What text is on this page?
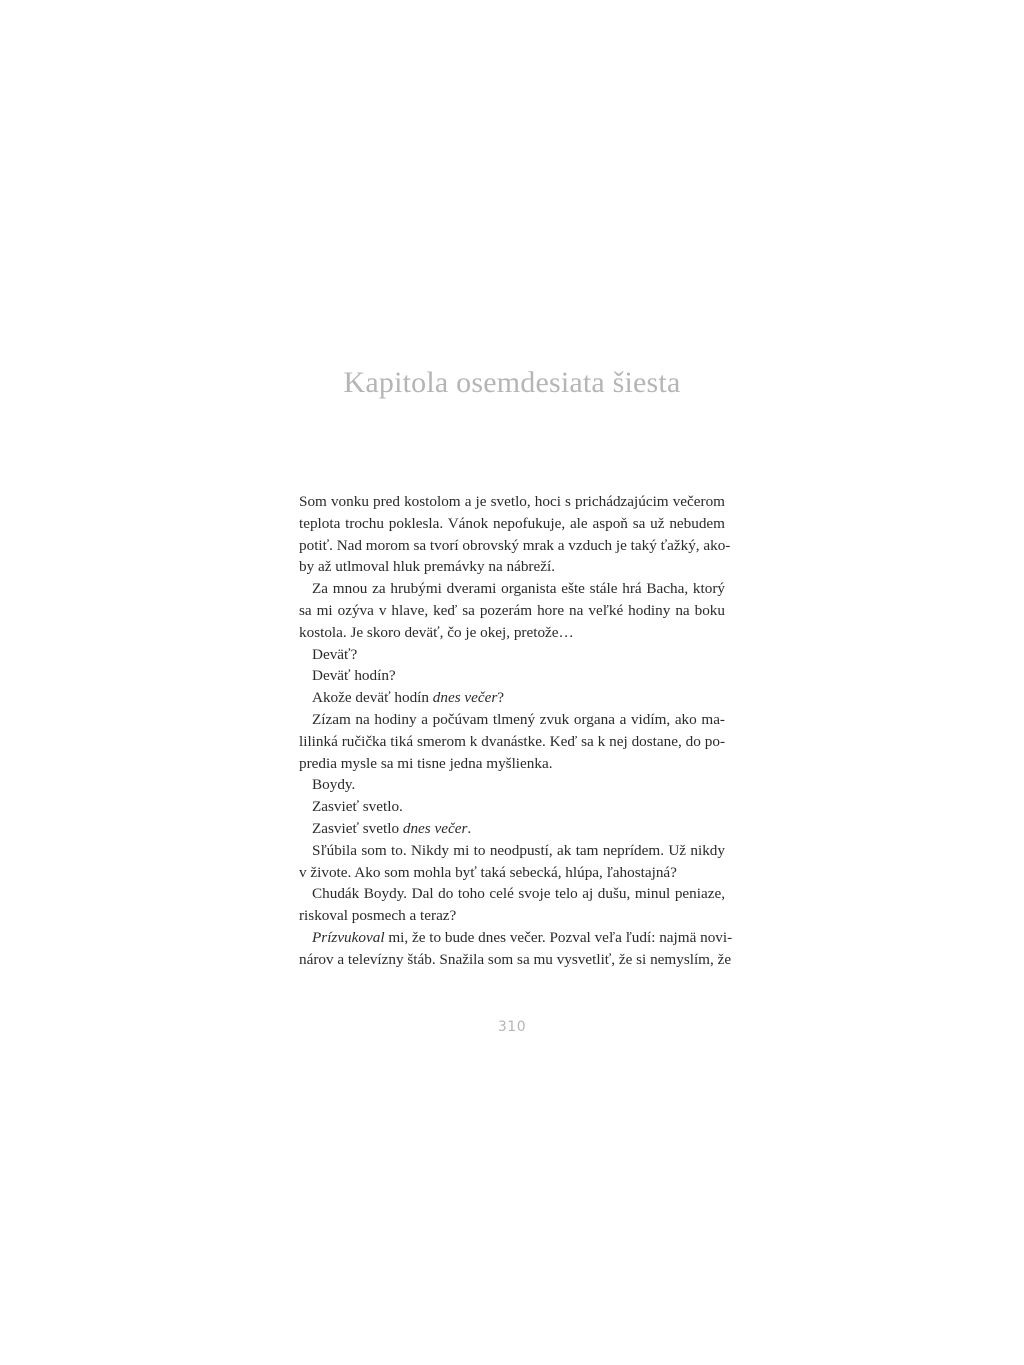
Kapitola osemdesiata šiesta
Som vonku pred kostolom a je svetlo, hoci s prichádzajúcim večerom
teplota trochu poklesla. Vánok nepofukuje, ale aspoň sa už nebudem
potiť. Nad morom sa tvorí obrovský mrak a vzduch je taký ťažký, ako-
by až utlmoval hluk premávky na nábreží.
Za mnou za hrubými dverami organista ešte stále hrá Bacha, ktorý
sa mi ozýva v hlave, keď sa pozerám hore na veľké hodiny na boku
kostola. Je skoro deväť, čo je okej, pretože…
Deväť?
Deväť hodín?
Akože deväť hodín dnes večer?
Zízam na hodiny a počúvam tlmený zvuk organa a vidím, ako ma-
lilinká ručička tiká smerom k dvanástke. Keď sa k nej dostane, do po-
predia mysle sa mi tisne jedna myšlienka.
Boydy.
Zasvieť svetlo.
Zasvieť svetlo dnes večer.
Sľúbila som to. Nikdy mi to neodpustí, ak tam neprídem. Už nikdy
v živote. Ako som mohla byť taká sebecká, hlúpa, ľahostajná?
Chudák Boydy. Dal do toho celé svoje telo aj dušu, minul peniaze,
riskoval posmech a teraz?
Prízvukoval mi, že to bude dnes večer. Pozval veľa ľudí: najmä novi-
nárov a televízny štáb. Snažila som sa mu vysvetliť, že si nemyslím, že
310
